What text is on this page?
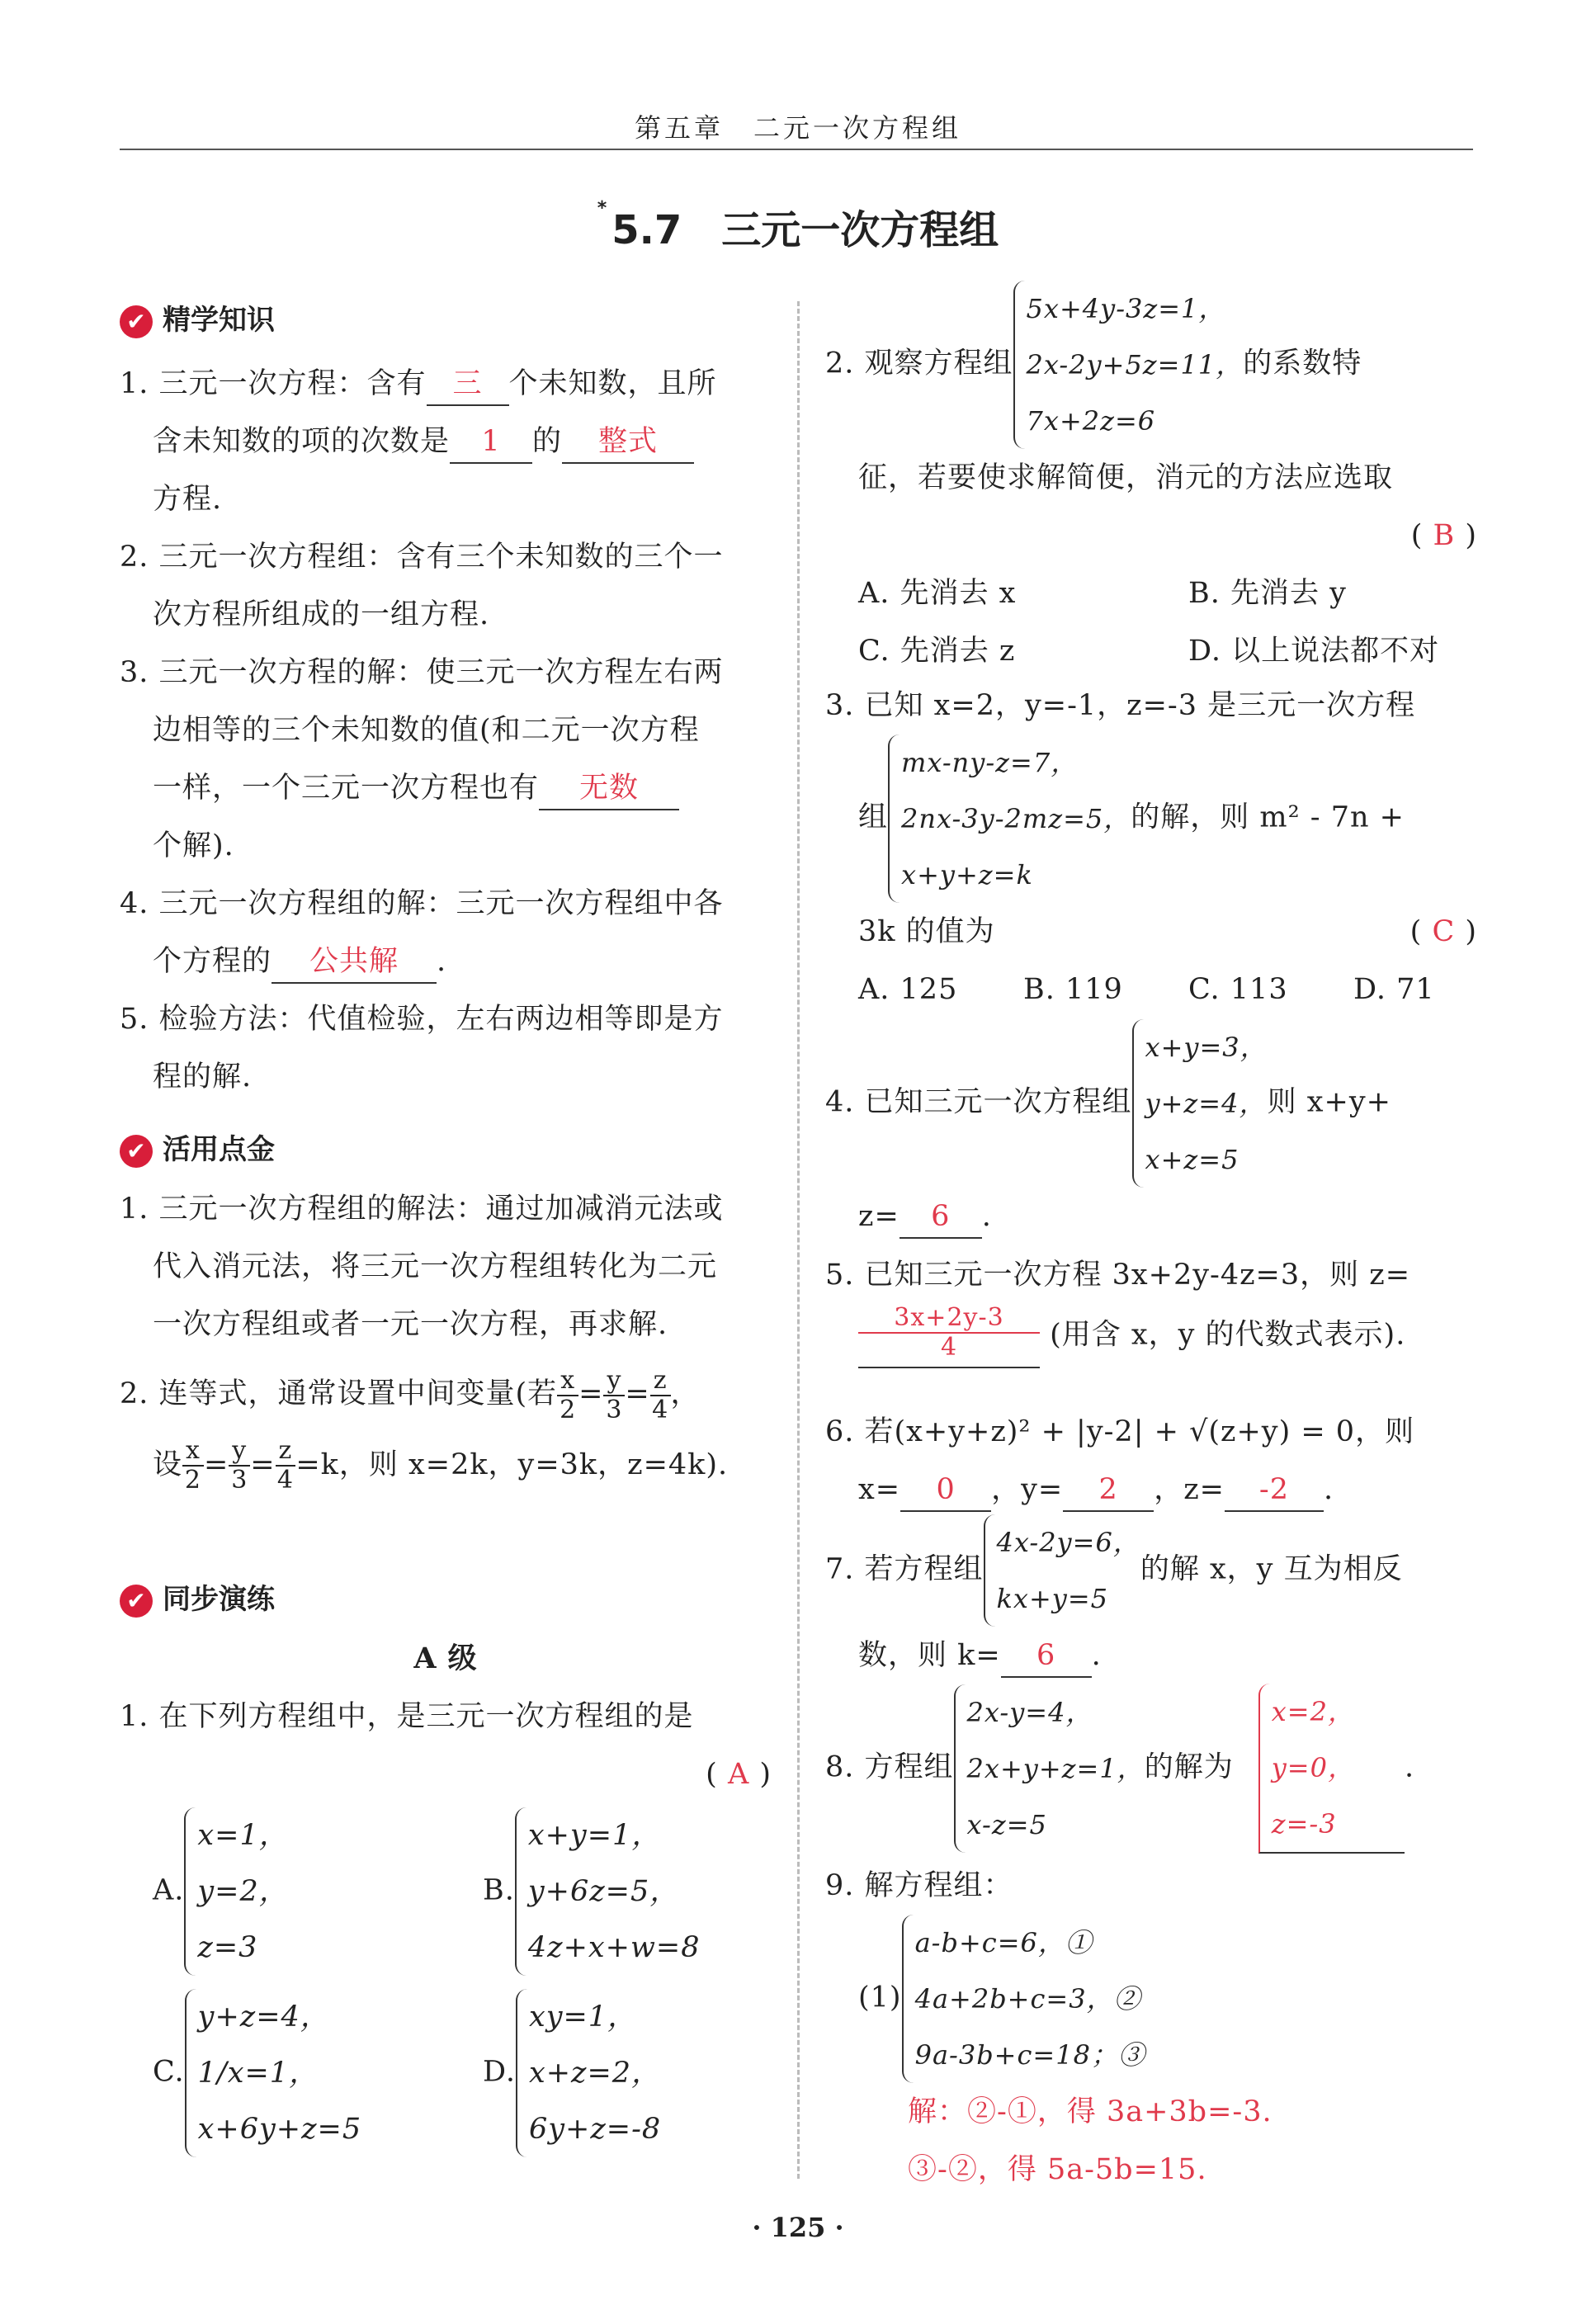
第五章　二元一次方程组
* 5.7　三元一次方程组
✔ 精学知识
1. 三元一次方程：含有 三 个未知数，且所
含未知数的项的次数是 1 的 整式
方程.
2. 三元一次方程组：含有三个未知数的三个一
次方程所组成的一组方程.
3. 三元一次方程的解：使三元一次方程左右两
边相等的三个未知数的值(和二元一次方程
一样，一个三元一次方程也有 无数
个解).
4. 三元一次方程组的解：三元一次方程组中各
个方程的 公共解 .
5. 检验方法：代值检验，左右两边相等即是方
程的解.
✔ 活用点金
1. 三元一次方程组的解法：通过加减消元法或
代入消元法，将三元一次方程组转化为二元
一次方程组或者一元一次方程，再求解.
2. 连等式，通常设置中间变量(若 $\frac{x}{2} = \frac{y}{3} = \frac{z}{4}$ ，
设 $\frac{x}{2} = \frac{y}{3} = \frac{z}{4} =k$，则 x=2k，y=3k，z=4k).
✔ 同步演练
A 级
1. 在下列方程组中，是三元一次方程组的是
( A )
A.
x=1，
y=2，
z=3
B.
x+y=1，
y+6z=5，
4z+x+w=8
C.
y+z=4，
1/x=1，
x+6y+z=5
D.
xy=1，
x+z=2，
6y+z=-8
2. 观察方程组
5x+4y-3z=1，
2x-2y+5z=11，
7x+2z=6
的系数特
征，若要使求解简便，消元的方法应选取
( B )
A. 先消去 x	B. 先消去 y
C. 先消去 z	D. 以上说法都不对
3. 已知 x=2，y=-1，z=-3 是三元一次方程
组
mx-ny-z=7，
2nx-3y-2mz=5，
x+y+z=k
的解，则 m² - 7n +
3k 的值为	( C )
A. 125 B. 119 C. 113 D. 71
4. 已知三元一次方程组
x+y=3，
y+z=4，
x+z=5
则 x+y+
z= 6 .
5. 已知三元一次方程 3x+2y-4z=3，则 z=
$\frac{3x+2y-3}{4}$ (用含 x，y 的代数式表示).
6. 若(x+y+z)² + |y-2| + √(z+y) = 0，则
x= 0 ，y= 2 ，z= -2 .
7. 若方程组
4x-2y=6，
kx+y=5
的解 x，y 互为相反
数，则 k= 6 .
8. 方程组
2x-y=4，
2x+y+z=1，
x-z=5
的解为
x=2，
y=0，
z=-3
.
9. 解方程组：
(1)
a-b+c=6，①
4a+2b+c=3，②
9a-3b+c=18；③
解：②-①，得 3a+3b=-3.
③-②，得 5a-5b=15.
· 125 ·
